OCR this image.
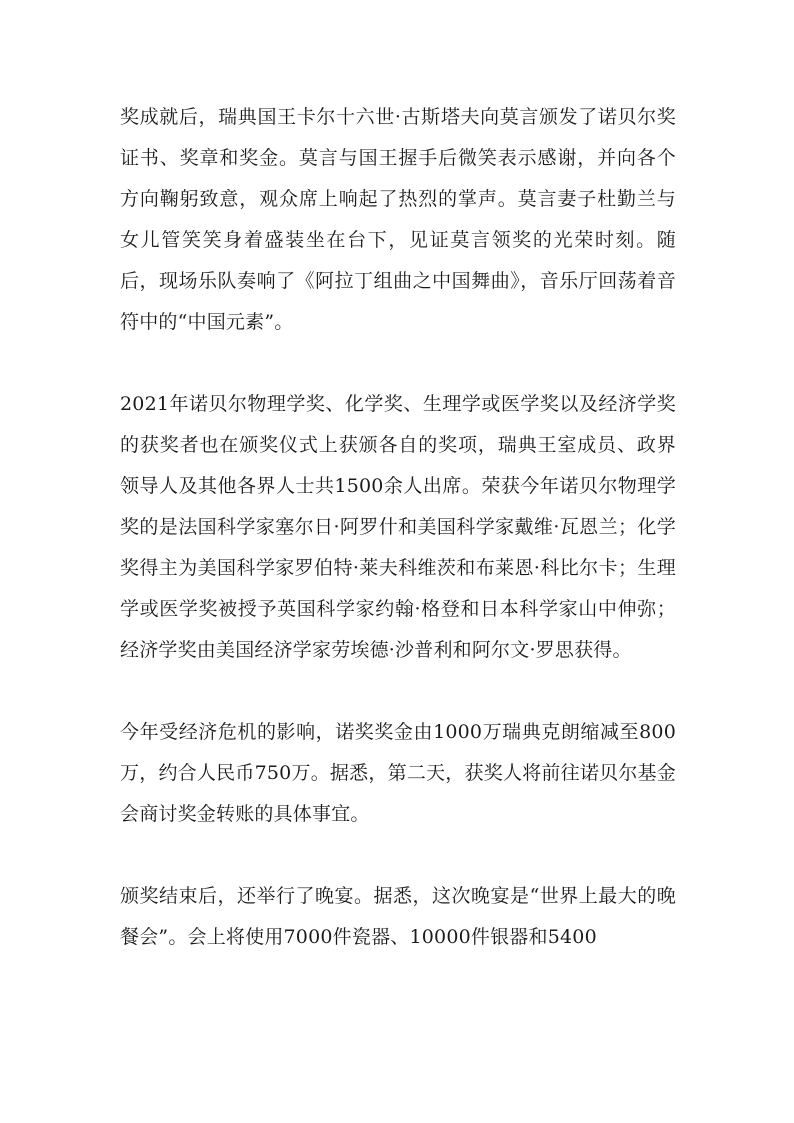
奖成就后，瑞典国王卡尔十六世·古斯塔夫向莫言颁发了诺贝尔奖证书、奖章和奖金。莫言与国王握手后微笑表示感谢，并向各个方向鞠躬致意，观众席上响起了热烈的掌声。莫言妻子杜勤兰与女儿管笑笑身着盛装坐在台下，见证莫言领奖的光荣时刻。随后，现场乐队奏响了《阿拉丁组曲之中国舞曲》，音乐厅回荡着音符中的“中国元素”。

2021年诺贝尔物理学奖、化学奖、生理学或医学奖以及经济学奖的获奖者也在颁奖仪式上获颁各自的奖项，瑞典王室成员、政界领导人及其他各界人士共1500余人出席。荣获今年诺贝尔物理学奖的是法国科学家塞尔日·阿罗什和美国科学家戴维·瓦恩兰；化学奖得主为美国科学家罗伯特·莱夫科维茨和布莱恩·科比尔卡；生理学或医学奖被授予英国科学家约翰·格登和日本科学家山中伸弥；经济学奖由美国经济学家劳埃德·沙普利和阿尔文·罗思获得。

今年受经济危机的影响，诺奖奖金由1000万瑞典克朗缩减至800万，约合人民币750万。据悉，第二天，获奖人将前往诺贝尔基金会商讨奖金转账的具体事宜。

颁奖结束后，还举行了晚宴。据悉，这次晚宴是“世界上最大的晚餐会”。会上将使用7000件瓷器、10000件银器和5400
